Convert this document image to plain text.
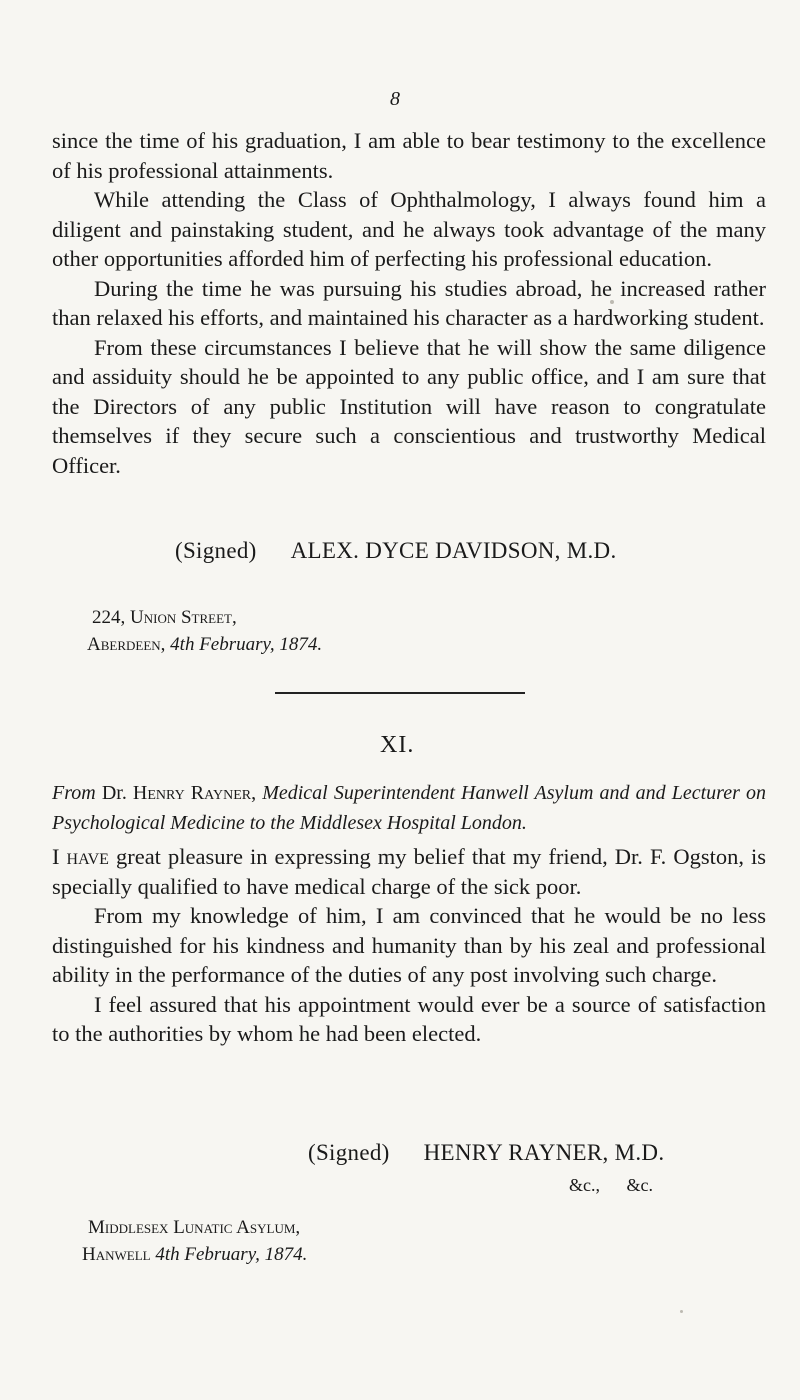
8

since the time of his graduation, I am able to bear testimony to the excellence of his professional attainments.

While attending the Class of Ophthalmology, I always found him a diligent and painstaking student, and he always took advantage of the many other opportunities afforded him of perfecting his professional education.

During the time he was pursuing his studies abroad, he increased rather than relaxed his efforts, and maintained his character as a hardworking student.

From these circumstances I believe that he will show the same diligence and assiduity should he be appointed to any public office, and I am sure that the Directors of any public Institution will have reason to congratulate themselves if they secure such a conscientious and trustworthy Medical Officer.

(Signed) ALEX. DYCE DAVIDSON, M.D.
224, Union Street,
Aberdeen, 4th February, 1874.
XI.
From Dr. Henry Rayner, Medical Superintendent Hanwell Asylum and and Lecturer on Psychological Medicine to the Middlesex Hospital London.

I have great pleasure in expressing my belief that my friend, Dr. F. Ogston, is specially qualified to have medical charge of the sick poor.

From my knowledge of him, I am convinced that he would be no less distinguished for his kindness and humanity than by his zeal and professional ability in the performance of the duties of any post involving such charge.

I feel assured that his appointment would ever be a source of satisfaction to the authorities by whom he had been elected.

(Signed) HENRY RAYNER, M.D.
&c., &c.
Middlesex Lunatic Asylum,
Hanwell 4th February, 1874.
